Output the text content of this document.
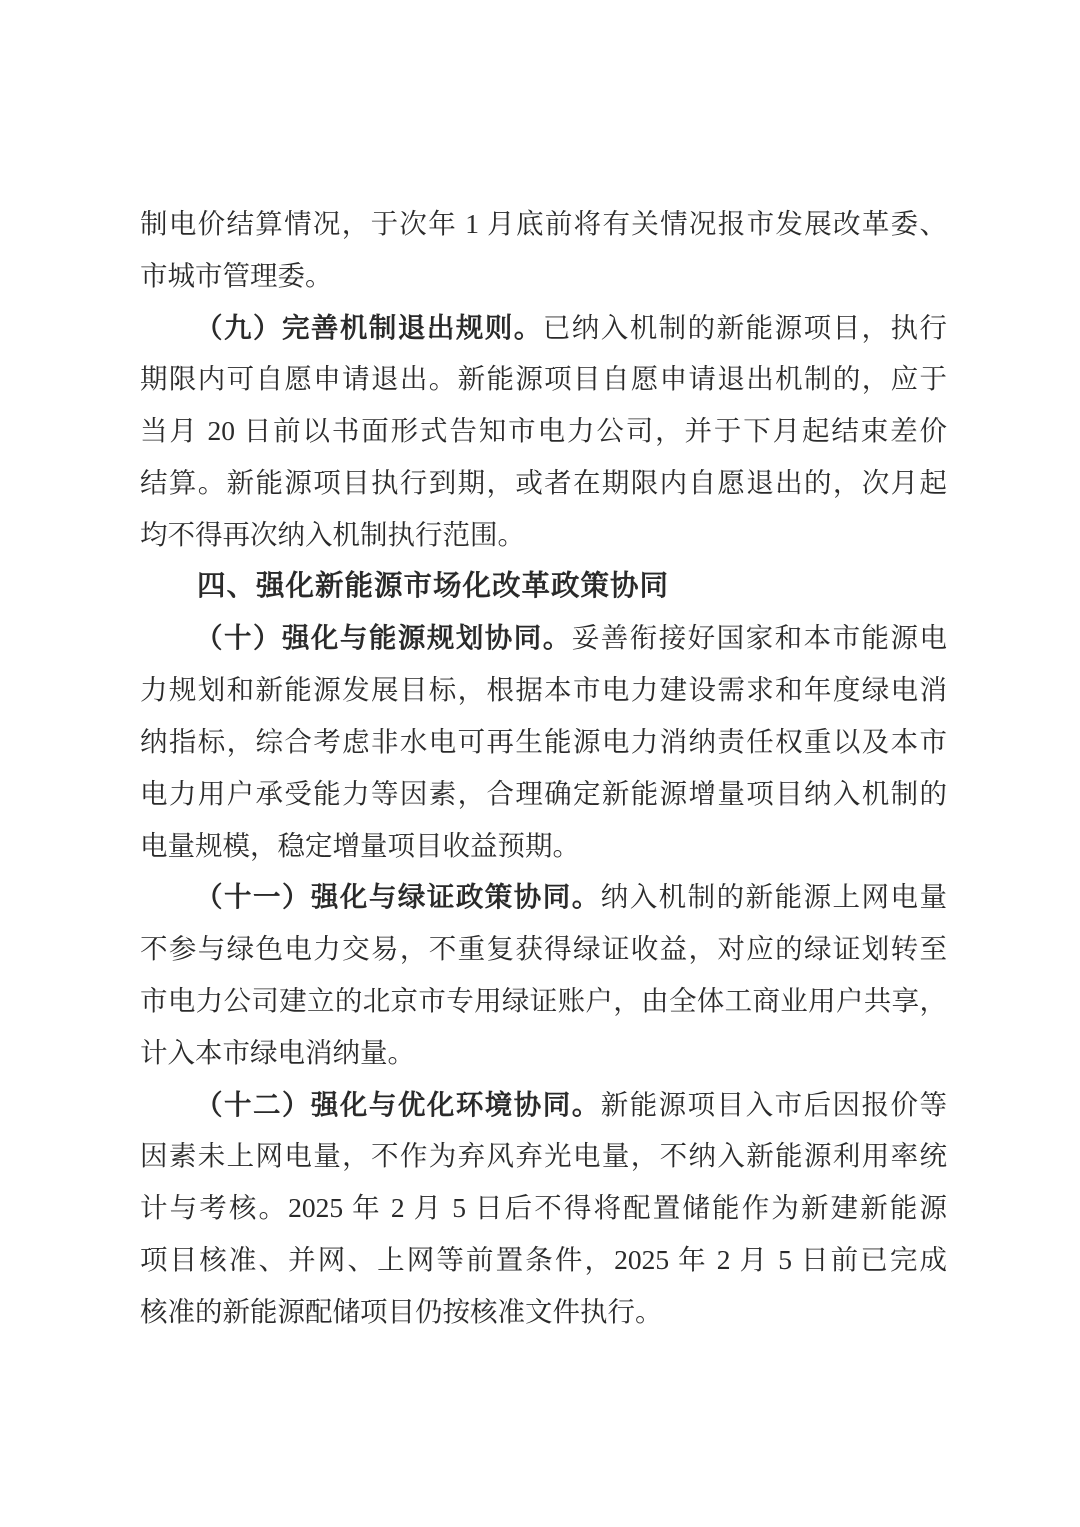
制电价结算情况，于次年 1 月底前将有关情况报市发展改革委、
市城市管理委。

（九）完善机制退出规则。已纳入机制的新能源项目，执行
期限内可自愿申请退出。新能源项目自愿申请退出机制的，应于
当月 20 日前以书面形式告知市电力公司，并于下月起结束差价
结算。新能源项目执行到期，或者在期限内自愿退出的，次月起
均不得再次纳入机制执行范围。

四、强化新能源市场化改革政策协同

（十）强化与能源规划协同。妥善衔接好国家和本市能源电
力规划和新能源发展目标，根据本市电力建设需求和年度绿电消
纳指标，综合考虑非水电可再生能源电力消纳责任权重以及本市
电力用户承受能力等因素，合理确定新能源增量项目纳入机制的
电量规模，稳定增量项目收益预期。

（十一）强化与绿证政策协同。纳入机制的新能源上网电量
不参与绿色电力交易，不重复获得绿证收益，对应的绿证划转至
市电力公司建立的北京市专用绿证账户，由全体工商业用户共享，
计入本市绿电消纳量。

（十二）强化与优化环境协同。新能源项目入市后因报价等
因素未上网电量，不作为弃风弃光电量，不纳入新能源利用率统
计与考核。2025 年 2 月 5 日后不得将配置储能作为新建新能源
项目核准、并网、上网等前置条件，2025 年 2 月 5 日前已完成
核准的新能源配储项目仍按核准文件执行。
